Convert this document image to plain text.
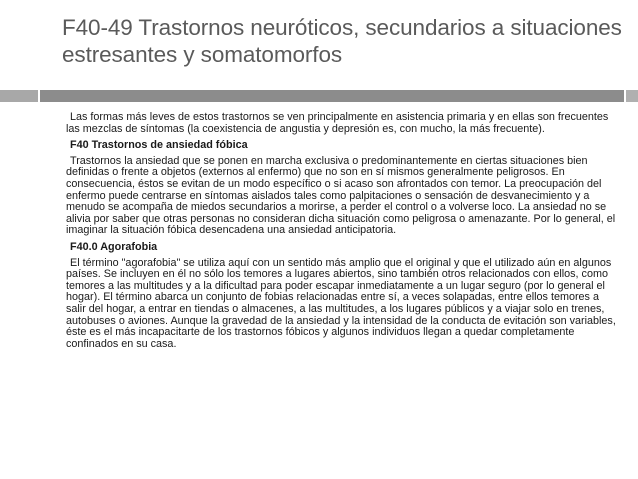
F40-49 Trastornos neuróticos, secundarios a situaciones estresantes y somatomorfos

Las formas más leves de estos trastornos se ven principalmente en asistencia primaria y en ellas son frecuentes las mezclas de síntomas (la coexistencia de angustia y depresión es, con mucho, la más frecuente).

F40 Trastornos de ansiedad fóbica

Trastornos la ansiedad que se ponen en marcha exclusiva o predominantemente en ciertas situaciones bien definidas o frente a objetos (externos al enfermo) que no son en sí mismos generalmente peligrosos. En consecuencia, éstos se evitan de un modo específico o si acaso son afrontados con temor. La preocupación del enfermo puede centrarse en síntomas aislados tales como palpitaciones o sensación de desvanecimiento y a menudo se acompaña de miedos secundarios a morirse, a perder el control o a volverse loco. La ansiedad no se alivia por saber que otras personas no consideran dicha situación como peligrosa o amenazante. Por lo general, el imaginar la situación fóbica desencadena una ansiedad anticipatoria.

F40.0 Agorafobia

El término "agorafobia" se utiliza aquí con un sentido más amplio que el original y que el utilizado aún en algunos países. Se incluyen en él no sólo los temores a lugares abiertos, sino también otros relacionados con ellos, como temores a las multitudes y a la dificultad para poder escapar inmediatamente a un lugar seguro (por lo general el hogar). El término abarca un conjunto de fobias relacionadas entre sí, a veces solapadas, entre ellos temores a salir del hogar, a entrar en tiendas o almacenes, a las multitudes, a los lugares públicos y a viajar solo en trenes, autobuses o aviones. Aunque la gravedad de la ansiedad y la intensidad de la conducta de evitación son variables, éste es el más incapacitarte de los trastornos fóbicos y algunos individuos llegan a quedar completamente confinados en su casa.
